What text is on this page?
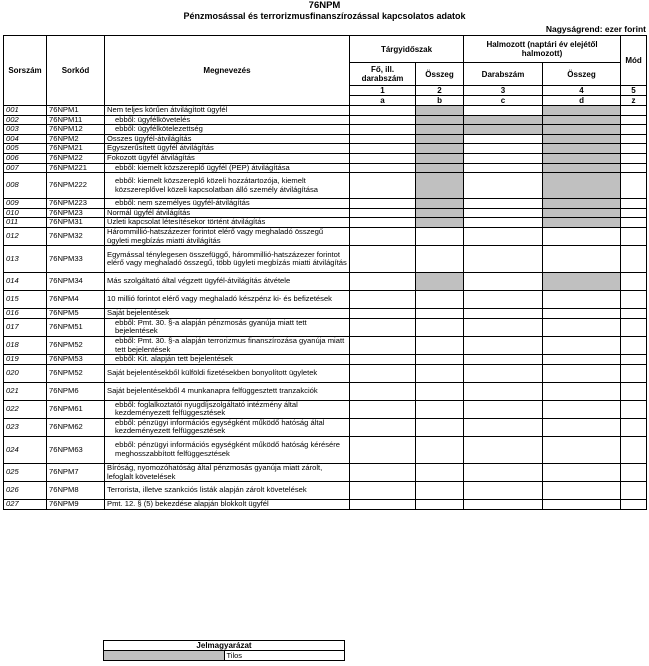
76NPM
Pénzmosással és terrorizmusfinanszírozással kapcsolatos adatok
Nagyságrend: ezer forint
Sorszám	Sorkód	Megnevezés	Tárgyidőszak		Halmozott (naptári év elejétől halmozott)		Mód
			Fő, ill. darabszám	Összeg	Darabszám	Összeg	
			1	2	3	4	5
			a	b	c	d	z
001	76NPM1	Nem teljes körűen átvilágított ügyfél					
002	76NPM11	ebből: ügyfélkövetelés					
003	76NPM12	ebből: ügyfélkötelezettség					
004	76NPM2	Összes ügyfél-átvilágítás					
005	76NPM21	Egyszerűsített ügyfél átvilágítás					
006	76NPM22	Fokozott ügyfél átvilágítás					
007	76NPM221	ebből: kiemelt közszereplő ügyfél (PEP) átvilágítása					
008	76NPM222	ebből: kiemelt közszereplő közeli hozzátartozója, kiemelt közszereplővel közeli kapcsolatban álló személy átvilágítása					
009	76NPM223	ebből: nem személyes ügyfél-átvilágítás					
010	76NPM23	Normál ügyfél átvilágítás					
011	76NPM31	Üzleti kapcsolat létesítésekor történt átvilágítás					
012	76NPM32	Hárommillió-hatszázezer forintot elérő vagy meghaladó összegű ügyleti megbízás miatti átvilágítás					
013	76NPM33	Egymással ténylegesen összefüggő, hárommillió-hatszázezer forintot elérő vagy meghaladó összegű, több ügyleti megbízás miatti átvilágítás					
014	76NPM34	Más szolgáltató által végzett ügyfél-átvilágítás átvétele					
015	76NPM4	10 millió forintot elérő vagy meghaladó készpénz ki- és befizetések					
016	76NPM5	Saját bejelentések					
017	76NPM51	ebből: Pmt. 30. §-a alapján pénzmosás gyanúja miatt tett bejelentések					
018	76NPM52	ebből: Pmt. 30. §-a alapján terrorizmus finanszírozása gyanúja miatt tett bejelentések					
019	76NPM53	ebből: Kit. alapján tett bejelentések					
020	76NPM52	Saját bejelentésekből külföldi fizetésekben bonyolított ügyletek					
021	76NPM6	Saját bejelentésekből 4 munkanapra felfüggesztett tranzakciók					
022	76NPM61	ebből: foglalkoztatói nyugdíjszolgáltató intézmény által kezdeményezett felfüggesztések					
023	76NPM62	ebből: pénzügyi információs egységként működő hatóság által kezdeményezett felfüggesztések					
024	76NPM63	ebből: pénzügyi információs egységként működő hatóság kérésére meghosszabbított felfüggesztések					
025	76NPM7	Bíróság, nyomozóhatóság által pénzmosás gyanúja miatt zárolt, lefoglalt követelések					
026	76NPM8	Terrorista, illetve szankciós listák alapján zárolt követelések					
027	76NPM9	Pmt. 12. § (5) bekezdése alapján blokkolt ügyfél					
Jelmagyarázat
	Tilos
